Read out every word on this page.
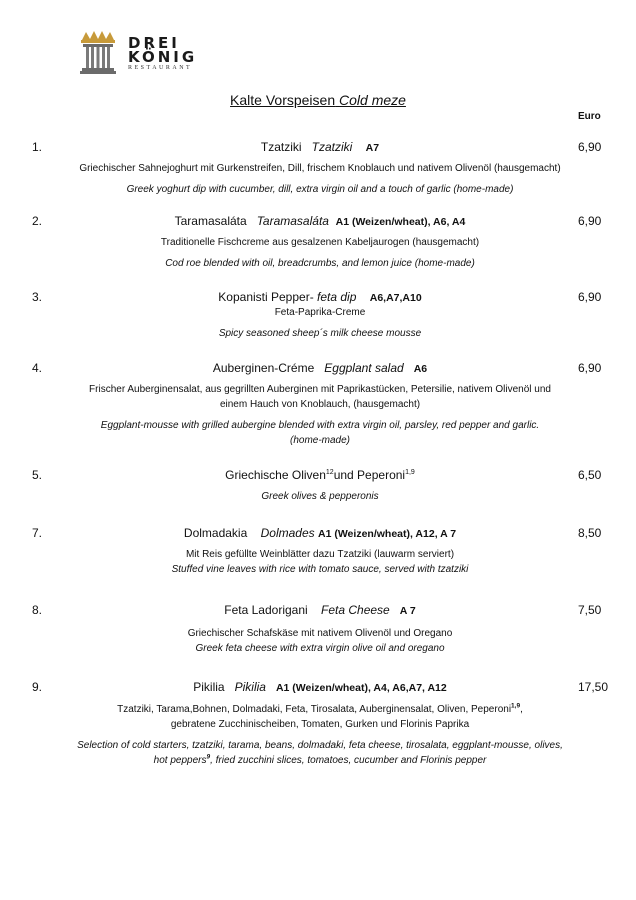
DREI
KÖNIG
RESTAURANT
Kalte Vorspeisen Cold meze
Euro
1.	Tzatziki Tzatziki A7	6,90
Griechischer Sahnejoghurt mit Gurkenstreifen, Dill, frischem Knoblauch und nativem Olivenöl (hausgemacht)
Greek yoghurt dip with cucumber, dill, extra virgin oil and a touch of garlic (home-made)
2.	Taramasaláta Taramasaláta A1 (Weizen/wheat), A6, A4	6,90
Traditionelle Fischcreme aus gesalzenen Kabeljaurogen (hausgemacht)
Cod roe blended with oil, breadcrumbs, and lemon juice (home-made)
3.	Kopanisti Pepper- feta dip A6,A7,A10	6,90
Feta-Paprika-Creme
Spicy seasoned sheep´s milk cheese mousse
4.	Auberginen-Créme Eggplant salad A6	6,90
Frischer Auberginensalat, aus gegrillten Auberginen mit Paprikastücken, Petersilie, nativem Olivenöl und
einem Hauch von Knoblauch, (hausgemacht)
Eggplant-mousse with grilled aubergine blended with extra virgin oil, parsley, red pepper and garlic.
(home-made)
5.	Griechische Oliven$^{12}$und Peperoni$^{1,9}$	6,50
Greek olives & pepperonis
7.	Dolmadakia Dolmades A1 (Weizen/wheat), A12, A 7	8,50
Mit Reis gefüllte Weinblätter dazu Tzatziki (lauwarm serviert)
Stuffed vine leaves with rice with tomato sauce, served with tzatziki
8.	Feta Ladorigani Feta Cheese A 7	7,50
Griechischer Schafskäse mit nativem Olivenöl und Oregano
Greek feta cheese with extra virgin olive oil and oregano
9.	Pikilia Pikilia A1 (Weizen/wheat), A4, A6,A7, A12	17,50
Tzatziki, Tarama,Bohnen, Dolmadaki, Feta, Tirosalata, Auberginensalat, Oliven, Peperoni$^{1,9}$,
gebratene Zucchinischeiben, Tomaten, Gurken und Florinis Paprika
Selection of cold starters, tzatziki, tarama, beans, dolmadaki, feta cheese, tirosalata, eggplant-mousse, olives,
hot peppers$^9$, fried zucchini slices, tomatoes, cucumber and Florinis pepper
